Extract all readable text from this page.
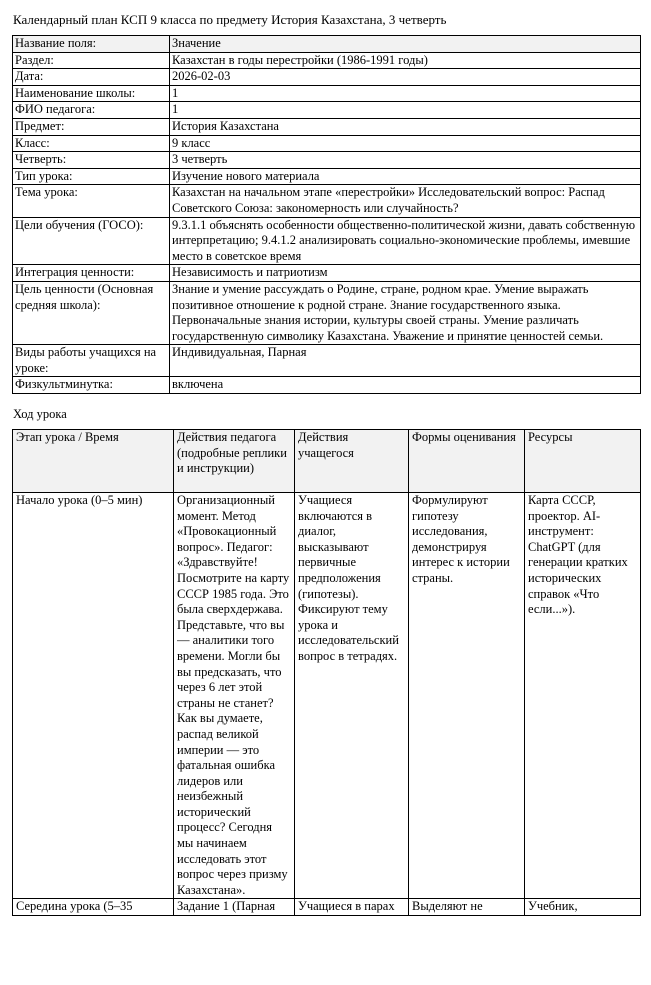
Календарный план КСП 9 класса по предмету История Казахстана, 3 четверть
Название поля:	Значение
Раздел:	Казахстан в годы перестройки (1986-1991 годы)
Дата:	2026-02-03
Наименование школы:	1
ФИО педагога:	1
Предмет:	История Казахстана
Класс:	9 класс
Четверть:	3 четверть
Тип урока:	Изучение нового материала
Тема урока:	Казахстан на начальном этапе «перестройки» Исследовательский вопрос: Распад Советского Союза: закономерность или случайность?
Цели обучения (ГОСО):	9.3.1.1 объяснять особенности общественно-политической жизни, давать собственную интерпретацию; 9.4.1.2 анализировать социально-экономические проблемы, имевшие место в советское время
Интеграция ценности:	Независимость и патриотизм
Цель ценности (Основная средняя школа):	Знание и умение рассуждать о Родине, стране, родном крае. Умение выражать позитивное отношение к родной стране. Знание государственного языка. Первоначальные знания истории, культуры своей страны. Умение различать государственную символику Казахстана. Уважение и принятие ценностей семьи.
Виды работы учащихся на уроке:	Индивидуальная, Парная
Физкультминутка:	включена
Ход урока
Этап урока / Время	Действия педагога (подробные реплики и инструкции)	Действия учащегося	Формы оценивания	Ресурсы
Начало урока (0–5 мин)	Организационный момент. Метод «Провокационный вопрос». Педагог: «Здравствуйте! Посмотрите на карту СССР 1985 года. Это была сверхдержава. Представьте, что вы — аналитики того времени. Могли бы вы предсказать, что через 6 лет этой страны не станет? Как вы думаете, распад великой империи — это фатальная ошибка лидеров или неизбежный исторический процесс? Сегодня мы начинаем исследовать этот вопрос через призму Казахстана».	Учащиеся включаются в диалог, высказывают первичные предположения (гипотезы). Фиксируют тему урока и исследовательский вопрос в тетрадях.	Формулируют гипотезу исследования, демонстрируя интерес к истории страны.	Карта СССР, проектор. AI-инструмент: ChatGPT (для генерации кратких исторических справок «Что если...»).
Середина урока (5–35	Задание 1 (Парная	Учащиеся в парах	Выделяют не	Учебник,
